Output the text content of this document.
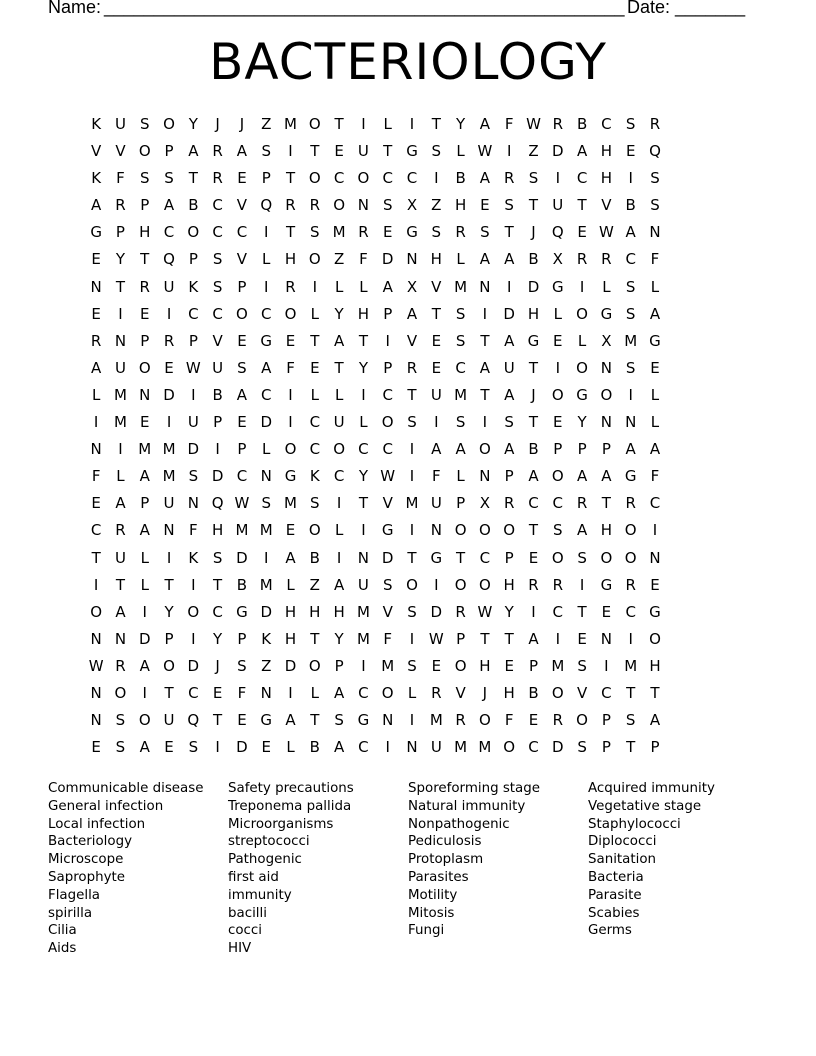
Name: ____________________________________________________ Date: _______
BACTERIOLOGY
K U S O Y	J	J	Z M O T	I	L	I	T	Y A F W R B C S R
V V O P A R A S	I	T E U T G S	L W I	Z D A H E Q
K	F	S S T R E	P	T O C O C C	I	B A R S	I	C H	I	S
A R P A B C V Q R R O N S X Z H E S T U T V B S
G P H C O C C	I	T S M R E G S R S T	J	Q E W A N
E Y	T Q P	S V L H O Z F D N H L A A B X R R C F
N T R U K S	P	I	R	I	L	L A X V M N	I	D G	I	L	S	L
E	I	E	I	C C O C O L	Y H P A T S	I	D H L O G S A
R N P R P V E G E T A T	I	V E S T A G E	L X M G
A U O E W U S A F	E T	Y	P R E C A U T	I	O N S E
L M N D	I	B A C	I	L	L	I	C T U M T A	J	O G O	I	L
I	M E	I	U P	E D	I	C U L O S	I	S	I	S T E Y N N L
N	I	M M D	I	P	L O C O C C	I	A A O A B P	P	P A A
F	L A M S D C N G K C Y W I	F	L N P A O A A G F
E A P U N Q W S M S	I	T V M U P X R C C R T R C
C R A N F H M M E O L	I	G	I	N O O O T S A H O	I
T U L	I	K S D	I	A B	I	N D T G T C P	E O S O O N
I	T	L	T	I	T B M L Z A U S O	I	O O H R R	I	G R E
O A	I	Y O C G D H H H M V S D R W Y	I	C T E C G
N N D P	I	Y	P K H T	Y M F	I W P	T	T A	I	E N	I	O
W R A O D	J	S Z D O P	I	M S E O H E	P M S	I	M H
N O	I	T C E	F N	I	L A C O L R V	J	H B O V C T	T
N S O U Q T E G A T S G N	I	M R O F	E R O P	S A
E S A E S	I	D E	L B A C	I	N U M M O C D S	P	T	P
Communicable disease
General infection
Local infection
Bacteriology
Microscope
Saprophyte
Flagella
spirilla
Cilia
Aids
Safety precautions
Treponema pallida
Microorganisms
streptococci
Pathogenic
first aid
immunity
bacilli
cocci
HIV
Sporeforming stage
Natural immunity
Nonpathogenic
Pediculosis
Protoplasm
Parasites
Motility
Mitosis
Fungi
Acquired immunity
Vegetative stage
Staphylococci
Diplococci
Sanitation
Bacteria
Parasite
Scabies
Germs
